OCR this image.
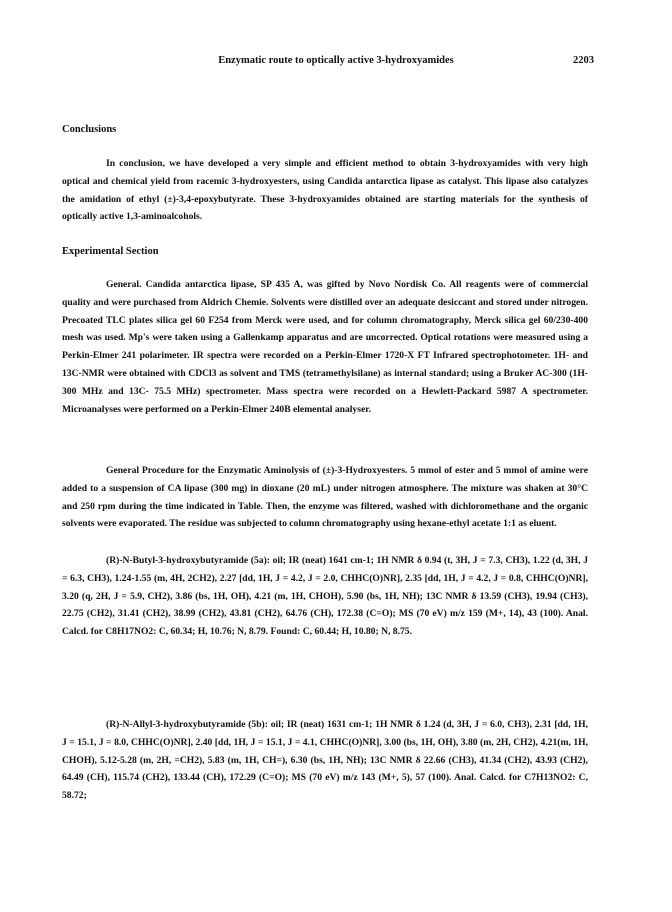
Enzymatic route to optically active 3-hydroxyamides	2203
Conclusions

In conclusion, we have developed a very simple and efficient method to obtain 3-hydroxyamides with very high optical and chemical yield from racemic 3-hydroxyesters, using Candida antarctica lipase as catalyst. This lipase also catalyzes the amidation of ethyl (±)-3,4-epoxybutyrate. These 3-hydroxyamides obtained are starting materials for the synthesis of optically active 1,3-aminoalcohols.

Experimental Section

General. Candida antarctica lipase, SP 435 A, was gifted by Novo Nordisk Co. All reagents were of commercial quality and were purchased from Aldrich Chemie. Solvents were distilled over an adequate desiccant and stored under nitrogen. Precoated TLC plates silica gel 60 F254 from Merck were used, and for column chromatography, Merck silica gel 60/230-400 mesh was used. Mp's were taken using a Gallenkamp apparatus and are uncorrected. Optical rotations were measured using a Perkin-Elmer 241 polarimeter. IR spectra were recorded on a Perkin-Elmer 1720-X FT Infrared spectrophotometer. 1H- and 13C-NMR were obtained with CDCl3 as solvent and TMS (tetramethylsilane) as internal standard; using a Bruker AC-300 (1H- 300 MHz and 13C- 75.5 MHz) spectrometer. Mass spectra were recorded on a Hewlett-Packard 5987 A spectrometer. Microanalyses were performed on a Perkin-Elmer 240B elemental analyser.

General Procedure for the Enzymatic Aminolysis of (±)-3-Hydroxyesters. 5 mmol of ester and 5 mmol of amine were added to a suspension of CA lipase (300 mg) in dioxane (20 mL) under nitrogen atmosphere. The mixture was shaken at 30°C and 250 rpm during the time indicated in Table. Then, the enzyme was filtered, washed with dichloromethane and the organic solvents were evaporated. The residue was subjected to column chromatography using hexane-ethyl acetate 1:1 as eluent.

(R)-N-Butyl-3-hydroxybutyramide (5a): oil; IR (neat) 1641 cm-1; 1H NMR δ 0.94 (t, 3H, J = 7.3, CH3), 1.22 (d, 3H, J = 6.3, CH3), 1.24-1.55 (m, 4H, 2CH2), 2.27 [dd, 1H, J = 4.2, J = 2.0, CHHC(O)NR], 2.35 [dd, 1H, J = 4.2, J = 0.8, CHHC(O)NR], 3.20 (q, 2H, J = 5.9, CH2), 3.86 (bs, 1H, OH), 4.21 (m, 1H, CHOH), 5.90 (bs, 1H, NH); 13C NMR δ 13.59 (CH3), 19.94 (CH3), 22.75 (CH2), 31.41 (CH2), 38.99 (CH2), 43.81 (CH2), 64.76 (CH), 172.38 (C=O); MS (70 eV) m/z 159 (M+, 14), 43 (100). Anal. Calcd. for C8H17NO2: C, 60.34; H, 10.76; N, 8.79. Found: C, 60.44; H, 10.80; N, 8.75.

(R)-N-Allyl-3-hydroxybutyramide (5b): oil; IR (neat) 1631 cm-1; 1H NMR δ 1.24 (d, 3H, J = 6.0, CH3), 2.31 [dd, 1H, J = 15.1, J = 8.0, CHHC(O)NR], 2.40 [dd, 1H, J = 15.1, J = 4.1, CHHC(O)NR], 3.00 (bs, 1H, OH), 3.80 (m, 2H, CH2), 4.21(m, 1H, CHOH), 5.12-5.28 (m, 2H, =CH2), 5.83 (m, 1H, CH=), 6.30 (bs, 1H, NH); 13C NMR δ 22.66 (CH3), 41.34 (CH2), 43.93 (CH2), 64.49 (CH), 115.74 (CH2), 133.44 (CH), 172.29 (C=O); MS (70 eV) m/z 143 (M+, 5), 57 (100). Anal. Calcd. for C7H13NO2: C, 58.72;
